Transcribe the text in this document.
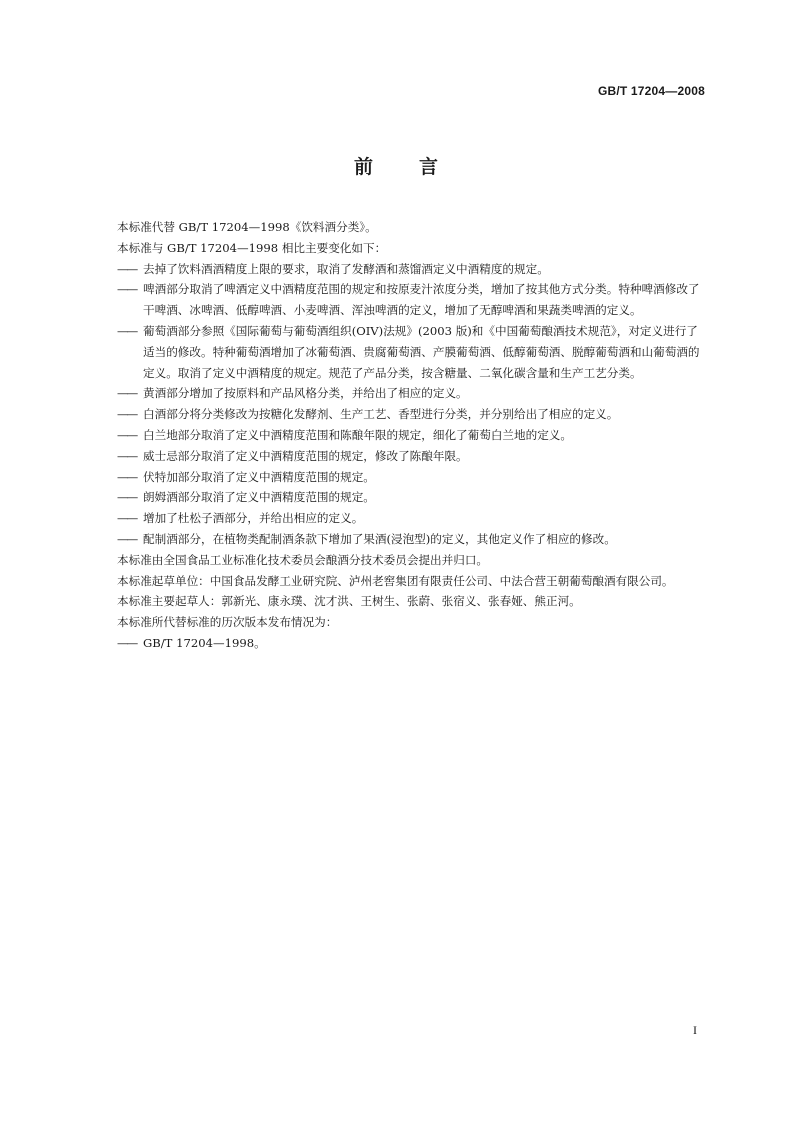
GB/T 17204—2008
前 言

本标准代替 GB/T 17204—1998《饮料酒分类》。

本标准与 GB/T 17204—1998 相比主要变化如下：

—— 去掉了饮料酒酒精度上限的要求，取消了发酵酒和蒸馏酒定义中酒精度的规定。

—— 啤酒部分取消了啤酒定义中酒精度范围的规定和按原麦汁浓度分类，增加了按其他方式分类。特种啤酒修改了干啤酒、冰啤酒、低醇啤酒、小麦啤酒、浑浊啤酒的定义，增加了无醇啤酒和果蔬类啤酒的定义。

—— 葡萄酒部分参照《国际葡萄与葡萄酒组织(OIV)法规》(2003 版)和《中国葡萄酿酒技术规范》，对定义进行了适当的修改。特种葡萄酒增加了冰葡萄酒、贵腐葡萄酒、产膜葡萄酒、低醇葡萄酒、脱醇葡萄酒和山葡萄酒的定义。取消了定义中酒精度的规定。规范了产品分类，按含糖量、二氧化碳含量和生产工艺分类。

—— 黄酒部分增加了按原料和产品风格分类，并给出了相应的定义。

—— 白酒部分将分类修改为按糖化发酵剂、生产工艺、香型进行分类，并分别给出了相应的定义。

—— 白兰地部分取消了定义中酒精度范围和陈酿年限的规定，细化了葡萄白兰地的定义。

—— 威士忌部分取消了定义中酒精度范围的规定，修改了陈酿年限。

—— 伏特加部分取消了定义中酒精度范围的规定。

—— 朗姆酒部分取消了定义中酒精度范围的规定。

—— 增加了杜松子酒部分，并给出相应的定义。

—— 配制酒部分，在植物类配制酒条款下增加了果酒(浸泡型)的定义，其他定义作了相应的修改。

本标准由全国食品工业标准化技术委员会酿酒分技术委员会提出并归口。

本标准起草单位：中国食品发酵工业研究院、泸州老窖集团有限责任公司、中法合营王朝葡萄酿酒有限公司。

本标准主要起草人：郭新光、康永璞、沈才洪、王树生、张蔚、张宿义、张春娅、熊正河。

本标准所代替标准的历次版本发布情况为：

—— GB/T 17204—1998。

I
